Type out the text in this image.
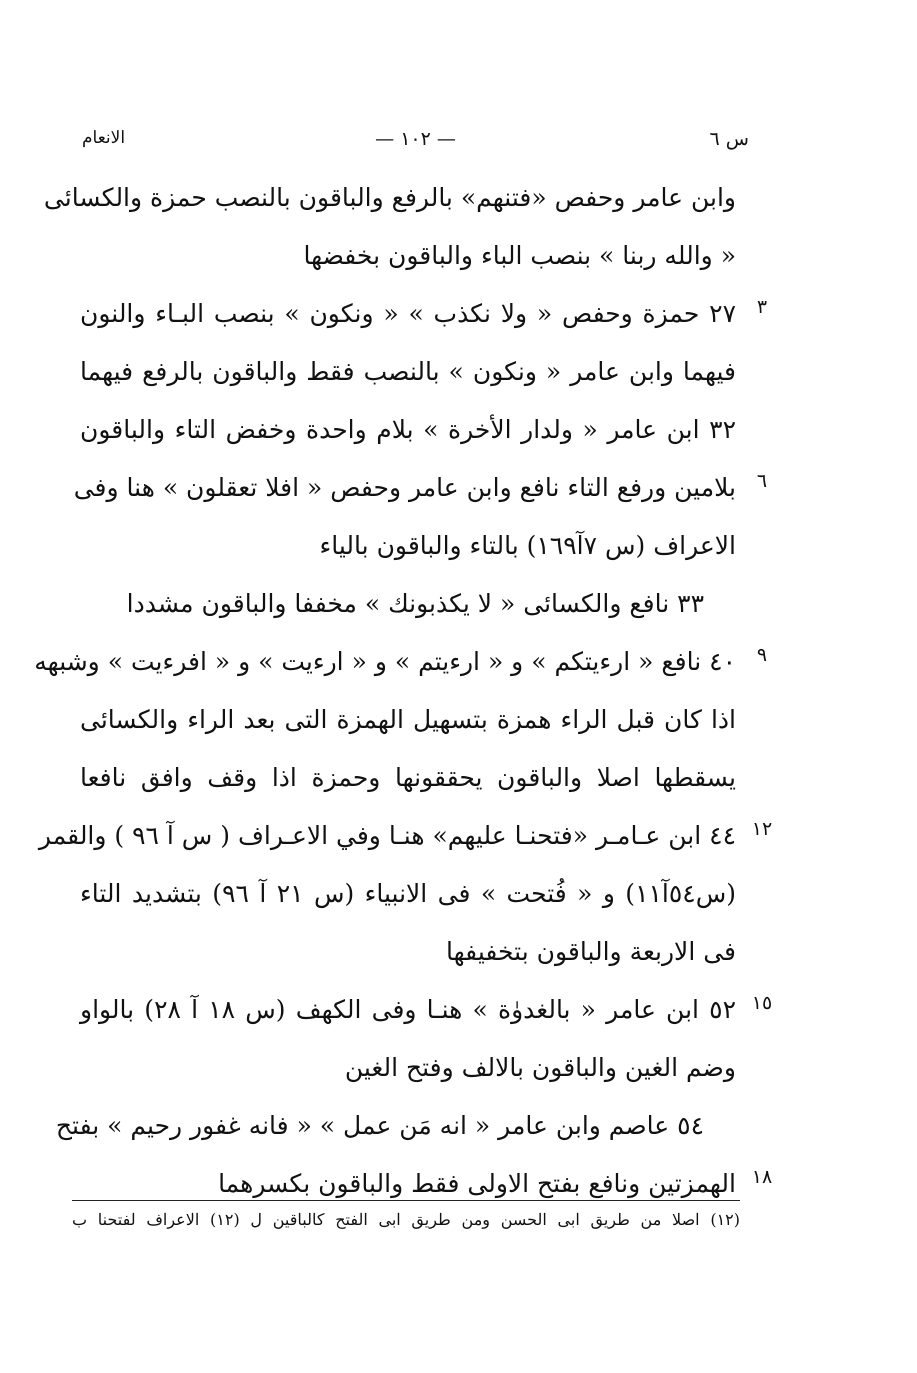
س ٦
— ١٠٢ —
الانعام
وابن عامر وحفص «فتنهم» بالرفع والباقون بالنصب حمزة والكسائى
« والله ربنا » بنصب الباء والباقون بخفضها
٣
٢٧ حمزة وحفص « ولا نكذب » « ونكون » بنصب البـاء والنون
فيهما وابن عامر « ونكون » بالنصب فقط والباقون بالرفع فيهما
٣٢ ابن عامر « ولدار الأخرة » بلام واحدة وخفض التاء والباقون
٦
بلامين ورفع التاء نافع وابن عامر وحفص « افلا تعقلون » هنا وفى
الاعراف (س ٧آ١٦٩) بالتاء والباقون بالياء
٣٣ نافع والكسائى « لا يكذبونك » مخففا والباقون مشددا
٩
٤٠ نافع « ارءيتكم » و « ارءيتم » و « ارءيت » و « افرءيت » وشبهه
اذا كان قبل الراء همزة بتسهيل الهمزة التى بعد الراء والكسائى
يسقطها اصلا والباقون يحققونها وحمزة اذا وقف وافق نافعا
١٢
٤٤ ابن عـامـر «فتحنـا عليهم» هنـا وفي الاعـراف ( س آ ٩٦ ) والقمر
(س٥٤آ١١) و « فُتحت » فى الانبياء (س ٢١ آ ٩٦) بتشديد التاء
فى الاربعة والباقون بتخفيفها
١٥
٥٢ ابن عامر « بالغدوٰة » هنـا وفى الكهف (س ١٨ آ ٢٨) بالواو
وضم الغين والباقون بالالف وفتح الغين
٥٤ عاصم وابن عامر « انه مَن عمل » « فانه غفور رحيم » بفتح
١٨
الهمزتين ونافع بفتح الاولى فقط والباقون بكسرهما
(١٢) اصلا من طريق ابى الحسن ومن طريق ابى الفتح كالباقين ل (١٢) الاعراف لفتحنا ب
